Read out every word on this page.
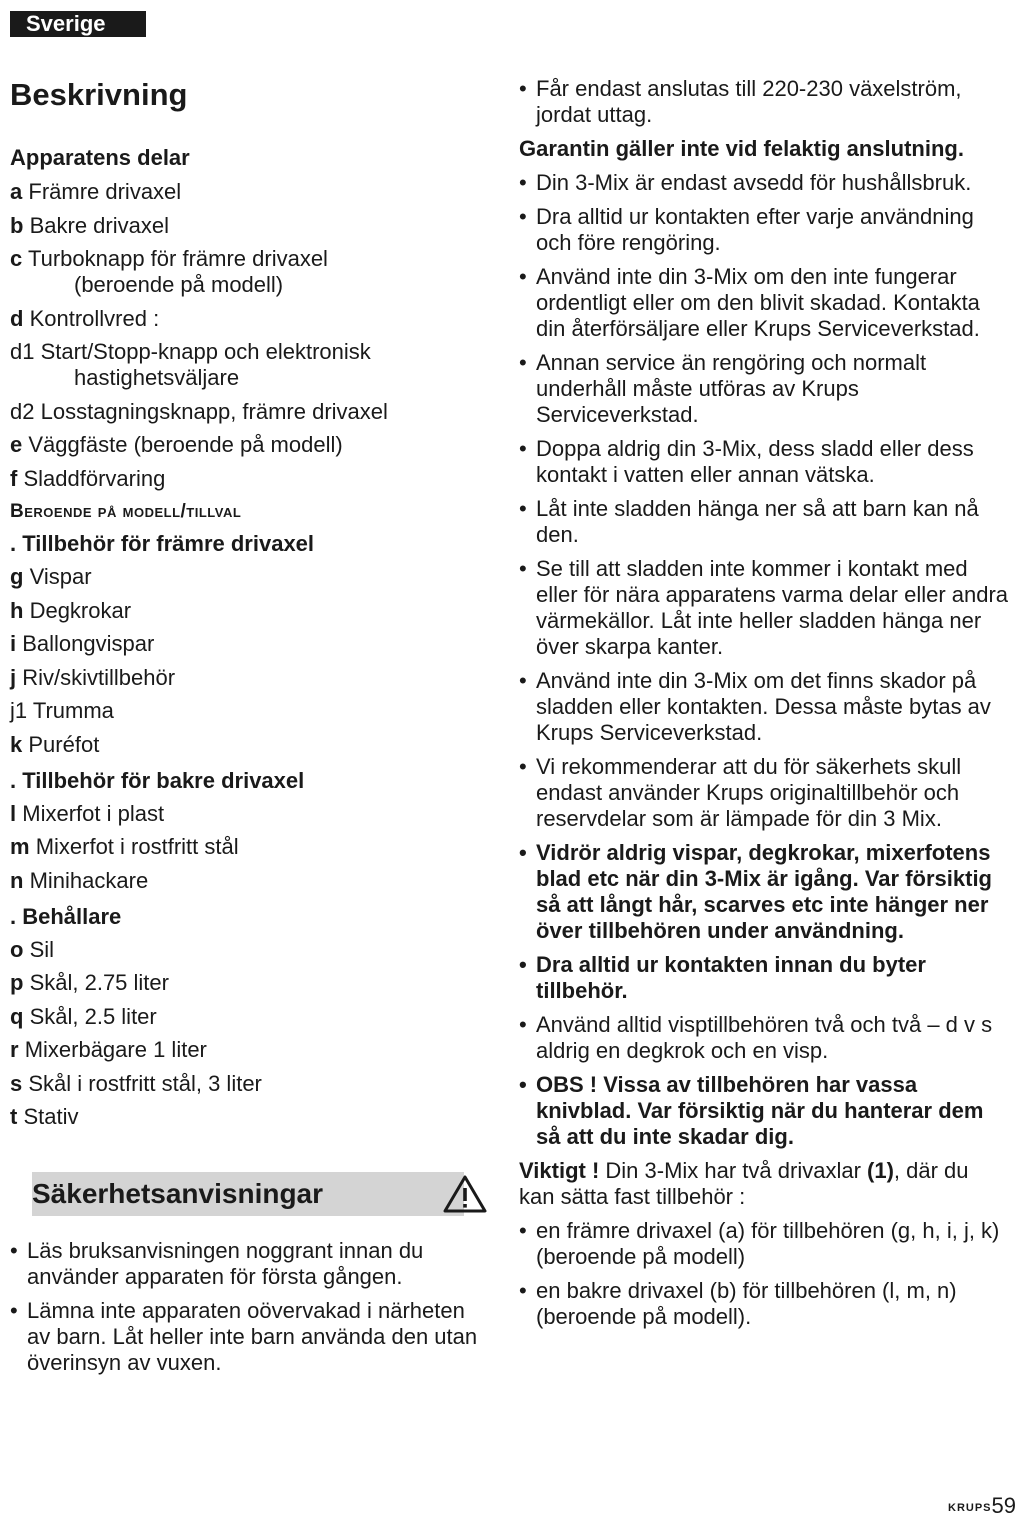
Sverige
Beskrivning
Apparatens delar
a Främre drivaxel
b Bakre drivaxel
c Turboknapp för främre drivaxel
(beroende på modell)
d Kontrollvred :
d1 Start/Stopp-knapp och elektronisk
hastighetsväljare
d2 Losstagningsknapp, främre drivaxel
e Väggfäste (beroende på modell)
f Sladdförvaring
Beroende på modell/tillval
. Tillbehör för främre drivaxel
g Vispar
h Degkrokar
i Ballongvispar
j Riv/skivtillbehör
j1 Trumma
k Puréfot
. Tillbehör för bakre drivaxel
l Mixerfot i plast
m Mixerfot i rostfritt stål
n Minihackare
. Behållare
o Sil
p Skål, 2.75 liter
q Skål, 2.5 liter
r Mixerbägare 1 liter
s Skål i rostfritt stål, 3 liter
t Stativ
Säkerhetsanvisningar
• Läs bruksanvisningen noggrant innan du använder apparaten för första gången.
• Lämna inte apparaten oövervakad i närheten av barn. Låt heller inte barn använda den utan överinsyn av vuxen.
• Får endast anslutas till 220-230 växelström, jordat uttag.

Garantin gäller inte vid felaktig anslutning.

• Din 3-Mix är endast avsedd för hushållsbruk.
• Dra alltid ur kontakten efter varje användning och före rengöring.
• Använd inte din 3-Mix om den inte fungerar ordentligt eller om den blivit skadad. Kontakta din återförsäljare eller Krups Serviceverkstad.
• Annan service än rengöring och normalt underhåll måste utföras av Krups Serviceverkstad.
• Doppa aldrig din 3-Mix, dess sladd eller dess kontakt i vatten eller annan vätska.
• Låt inte sladden hänga ner så att barn kan nå den.
• Se till att sladden inte kommer i kontakt med eller för nära apparatens varma delar eller andra värmekällor. Låt inte heller sladden hänga ner över skarpa kanter.
• Använd inte din 3-Mix om det finns skador på sladden eller kontakten. Dessa måste bytas av Krups Serviceverkstad.
• Vi rekommenderar att du för säkerhets skull endast använder Krups originaltillbehör och reservdelar som är lämpade för din 3 Mix.
• Vidrör aldrig vispar, degkrokar, mixerfotens blad etc när din 3-Mix är igång. Var försiktig så att långt hår, scarves etc inte hänger ner över tillbehören under användning.
• Dra alltid ur kontakten innan du byter tillbehör.
• Använd alltid visptillbehören två och två – d v s aldrig en degkrok och en visp.
• OBS ! Vissa av tillbehören har vassa knivblad. Var försiktig när du hanterar dem så att du inte skadar dig.

Viktigt ! Din 3-Mix har två drivaxlar (1), där du kan sätta fast tillbehör :

• en främre drivaxel (a) för tillbehören (g, h, i, j, k) (beroende på modell)
• en bakre drivaxel (b) för tillbehören (l, m, n) (beroende på modell).
KRUPS59
